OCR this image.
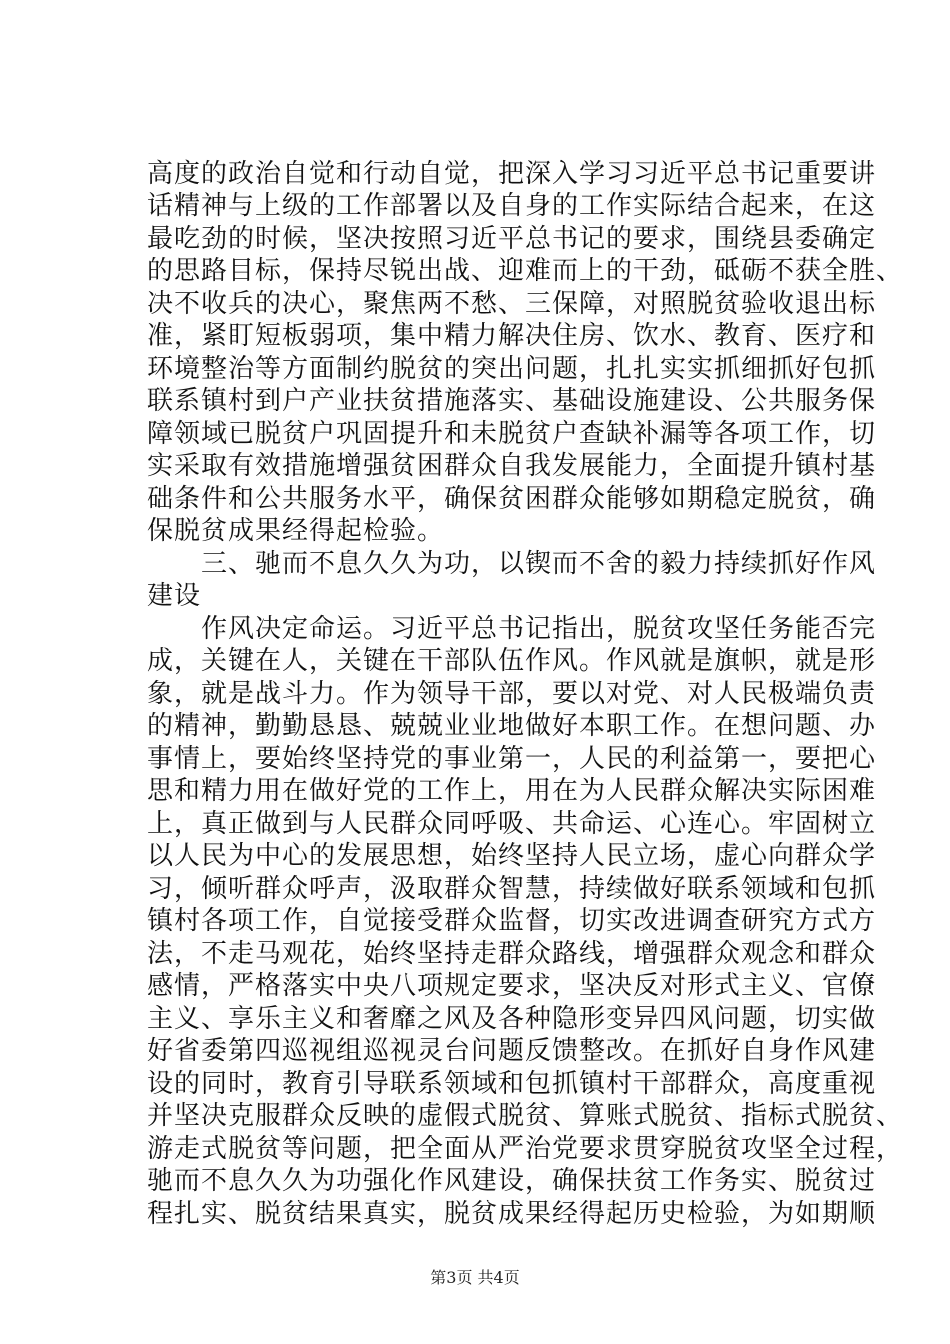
高度的政治自觉和行动自觉，把深入学习习近平总书记重要讲
话精神与上级的工作部署以及自身的工作实际结合起来，在这
最吃劲的时候，坚决按照习近平总书记的要求，围绕县委确定
的思路目标，保持尽锐出战、迎难而上的干劲，砥砺不获全胜、
决不收兵的决心，聚焦两不愁、三保障，对照脱贫验收退出标
准，紧盯短板弱项，集中精力解决住房、饮水、教育、医疗和
环境整治等方面制约脱贫的突出问题，扎扎实实抓细抓好包抓
联系镇村到户产业扶贫措施落实、基础设施建设、公共服务保
障领域已脱贫户巩固提升和未脱贫户查缺补漏等各项工作，切
实采取有效措施增强贫困群众自我发展能力，全面提升镇村基
础条件和公共服务水平，确保贫困群众能够如期稳定脱贫，确
保脱贫成果经得起检验。
　　三、驰而不息久久为功，以锲而不舍的毅力持续抓好作风
建设
　　作风决定命运。习近平总书记指出，脱贫攻坚任务能否完
成，关键在人，关键在干部队伍作风。作风就是旗帜，就是形
象，就是战斗力。作为领导干部，要以对党、对人民极端负责
的精神，勤勤恳恳、兢兢业业地做好本职工作。在想问题、办
事情上，要始终坚持党的事业第一，人民的利益第一，要把心
思和精力用在做好党的工作上，用在为人民群众解决实际困难
上，真正做到与人民群众同呼吸、共命运、心连心。牢固树立
以人民为中心的发展思想，始终坚持人民立场，虚心向群众学
习，倾听群众呼声，汲取群众智慧，持续做好联系领域和包抓
镇村各项工作，自觉接受群众监督，切实改进调查研究方式方
法，不走马观花，始终坚持走群众路线，增强群众观念和群众
感情，严格落实中央八项规定要求，坚决反对形式主义、官僚
主义、享乐主义和奢靡之风及各种隐形变异四风问题，切实做
好省委第四巡视组巡视灵台问题反馈整改。在抓好自身作风建
设的同时，教育引导联系领域和包抓镇村干部群众，高度重视
并坚决克服群众反映的虚假式脱贫、算账式脱贫、指标式脱贫、
游走式脱贫等问题，把全面从严治党要求贯穿脱贫攻坚全过程，
驰而不息久久为功强化作风建设，确保扶贫工作务实、脱贫过
程扎实、脱贫结果真实，脱贫成果经得起历史检验，为如期顺
第3页 共4页
